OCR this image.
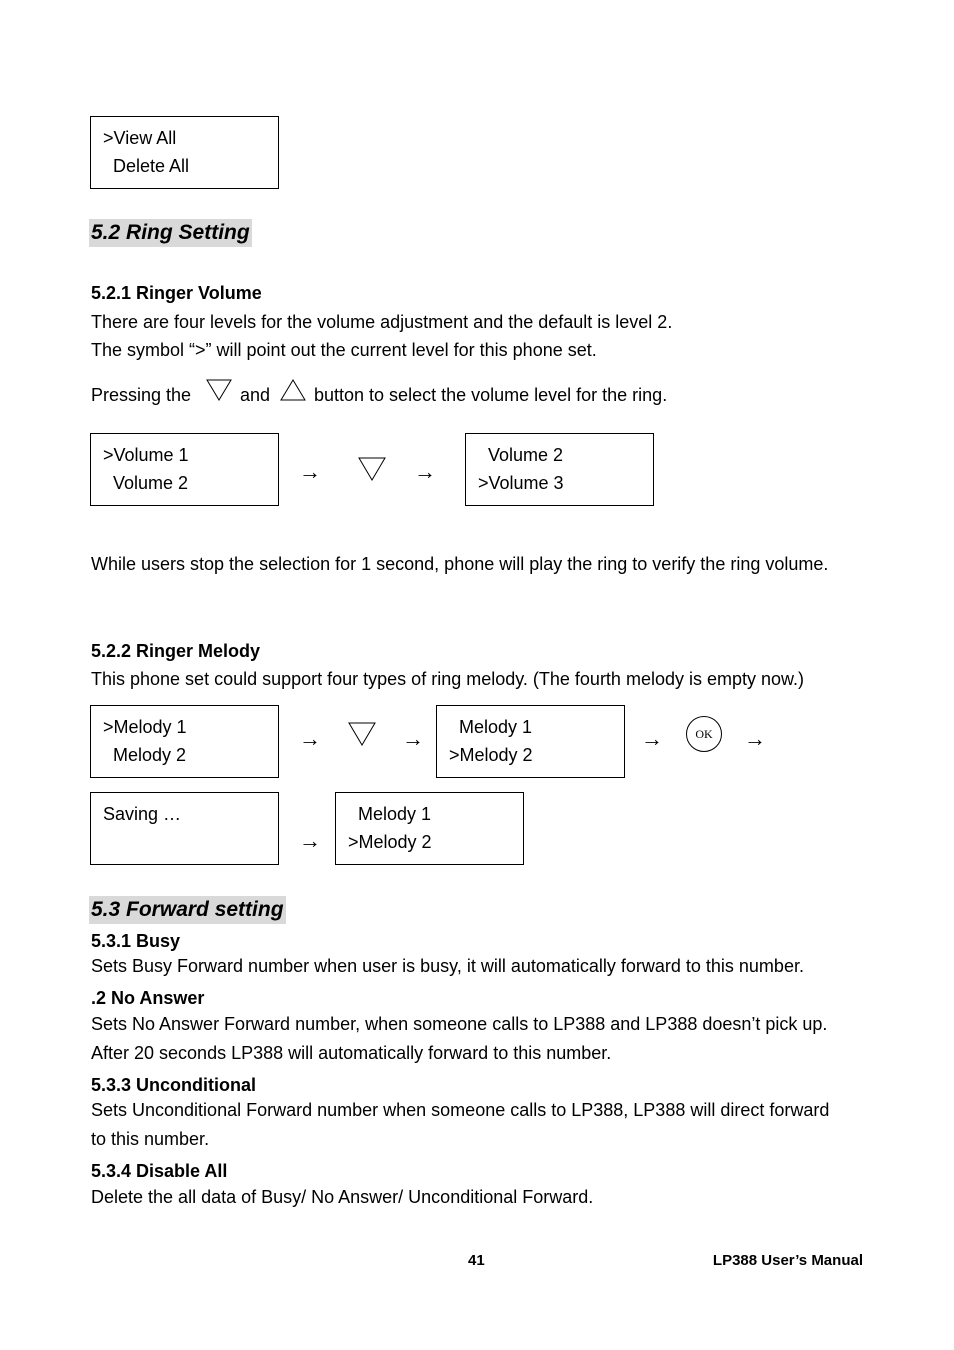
>View All
Delete All
5.2 Ring Setting
5.2.1 Ringer Volume
There are four levels for the volume adjustment and the default is level 2.
The symbol “>” will point out the current level for this phone set.
Pressing the	and button to select the volume level for the ring.
>Volume 1
Volume 2	→	→
Volume 2
>Volume 3
While users stop the selection for 1 second, phone will play the ring to verify the ring volume.
5.2.2 Ringer Melody
This phone set could support four types of ring melody. (The fourth melody is empty now.)
>Melody 1
Melody 2
→	→ Melody 1
>Melody 2
→	OK	→
Saving …
→
Melody 1
>Melody 2
5.3 Forward setting
5.3.1 Busy
Sets Busy Forward number when user is busy, it will automatically forward to this number.
.2 No Answer
Sets No Answer Forward number, when someone calls to LP388 and LP388 doesn’t pick up. After 20 seconds LP388 will automatically forward to this number.
5.3.3 Unconditional
Sets Unconditional Forward number when someone calls to LP388, LP388 will direct forward to this number.
5.3.4 Disable All
Delete the all data of Busy/ No Answer/ Unconditional Forward.
41	LP388 User’s Manual
